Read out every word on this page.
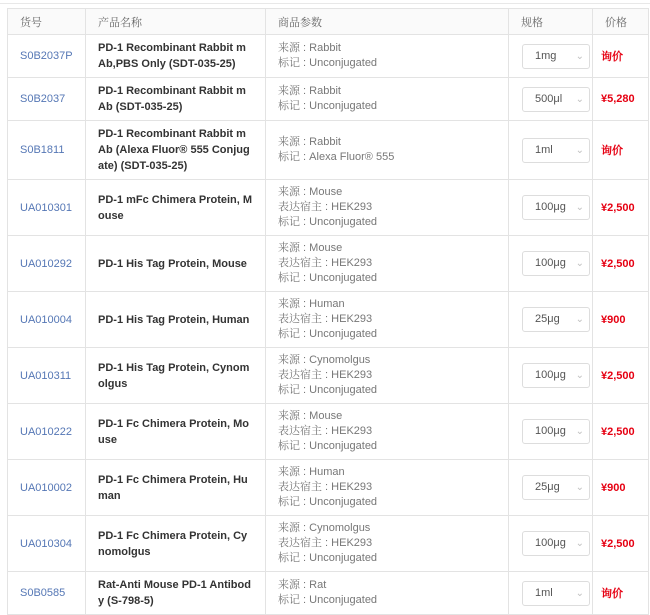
货号	产品名称	商品参数	规格	价格
S0B2037P	PD-1 Recombinant Rabbit mAb,PBS Only (SDT-035-25)	
来源 : Rabbit
标记 : Unconjugated

1mg ⌄	询价
S0B2037	PD-1 Recombinant Rabbit mAb (SDT-035-25)	
来源 : Rabbit
标记 : Unconjugated

500μl ⌄	¥5,280
S0B1811	PD-1 Recombinant Rabbit mAb (Alexa Fluor® 555 Conjugate) (SDT-035-25)	
来源 : Rabbit
标记 : Alexa Fluor® 555

1ml ⌄	询价
UA010301	PD-1 mFc Chimera Protein, Mouse	
来源 : Mouse
表达宿主 : HEK293
标记 : Unconjugated

100μg ⌄	¥2,500
UA010292	PD-1 His Tag Protein, Mouse	
来源 : Mouse
表达宿主 : HEK293
标记 : Unconjugated

100μg ⌄	¥2,500
UA010004	PD-1 His Tag Protein, Human	
来源 : Human
表达宿主 : HEK293
标记 : Unconjugated

25μg ⌄	¥900
UA010311	PD-1 His Tag Protein, Cynomolgus	
来源 : Cynomolgus
表达宿主 : HEK293
标记 : Unconjugated

100μg ⌄	¥2,500
UA010222	PD-1 Fc Chimera Protein, Mouse	
来源 : Mouse
表达宿主 : HEK293
标记 : Unconjugated

100μg ⌄	¥2,500
UA010002	PD-1 Fc Chimera Protein, Human	
来源 : Human
表达宿主 : HEK293
标记 : Unconjugated

25μg ⌄	¥900
UA010304	PD-1 Fc Chimera Protein, Cynomolgus	
来源 : Cynomolgus
表达宿主 : HEK293
标记 : Unconjugated

100μg ⌄	¥2,500
S0B0585	Rat-Anti Mouse PD-1 Antibody (S-798-5)	
来源 : Rat
标记 : Unconjugated

1ml ⌄	询价
